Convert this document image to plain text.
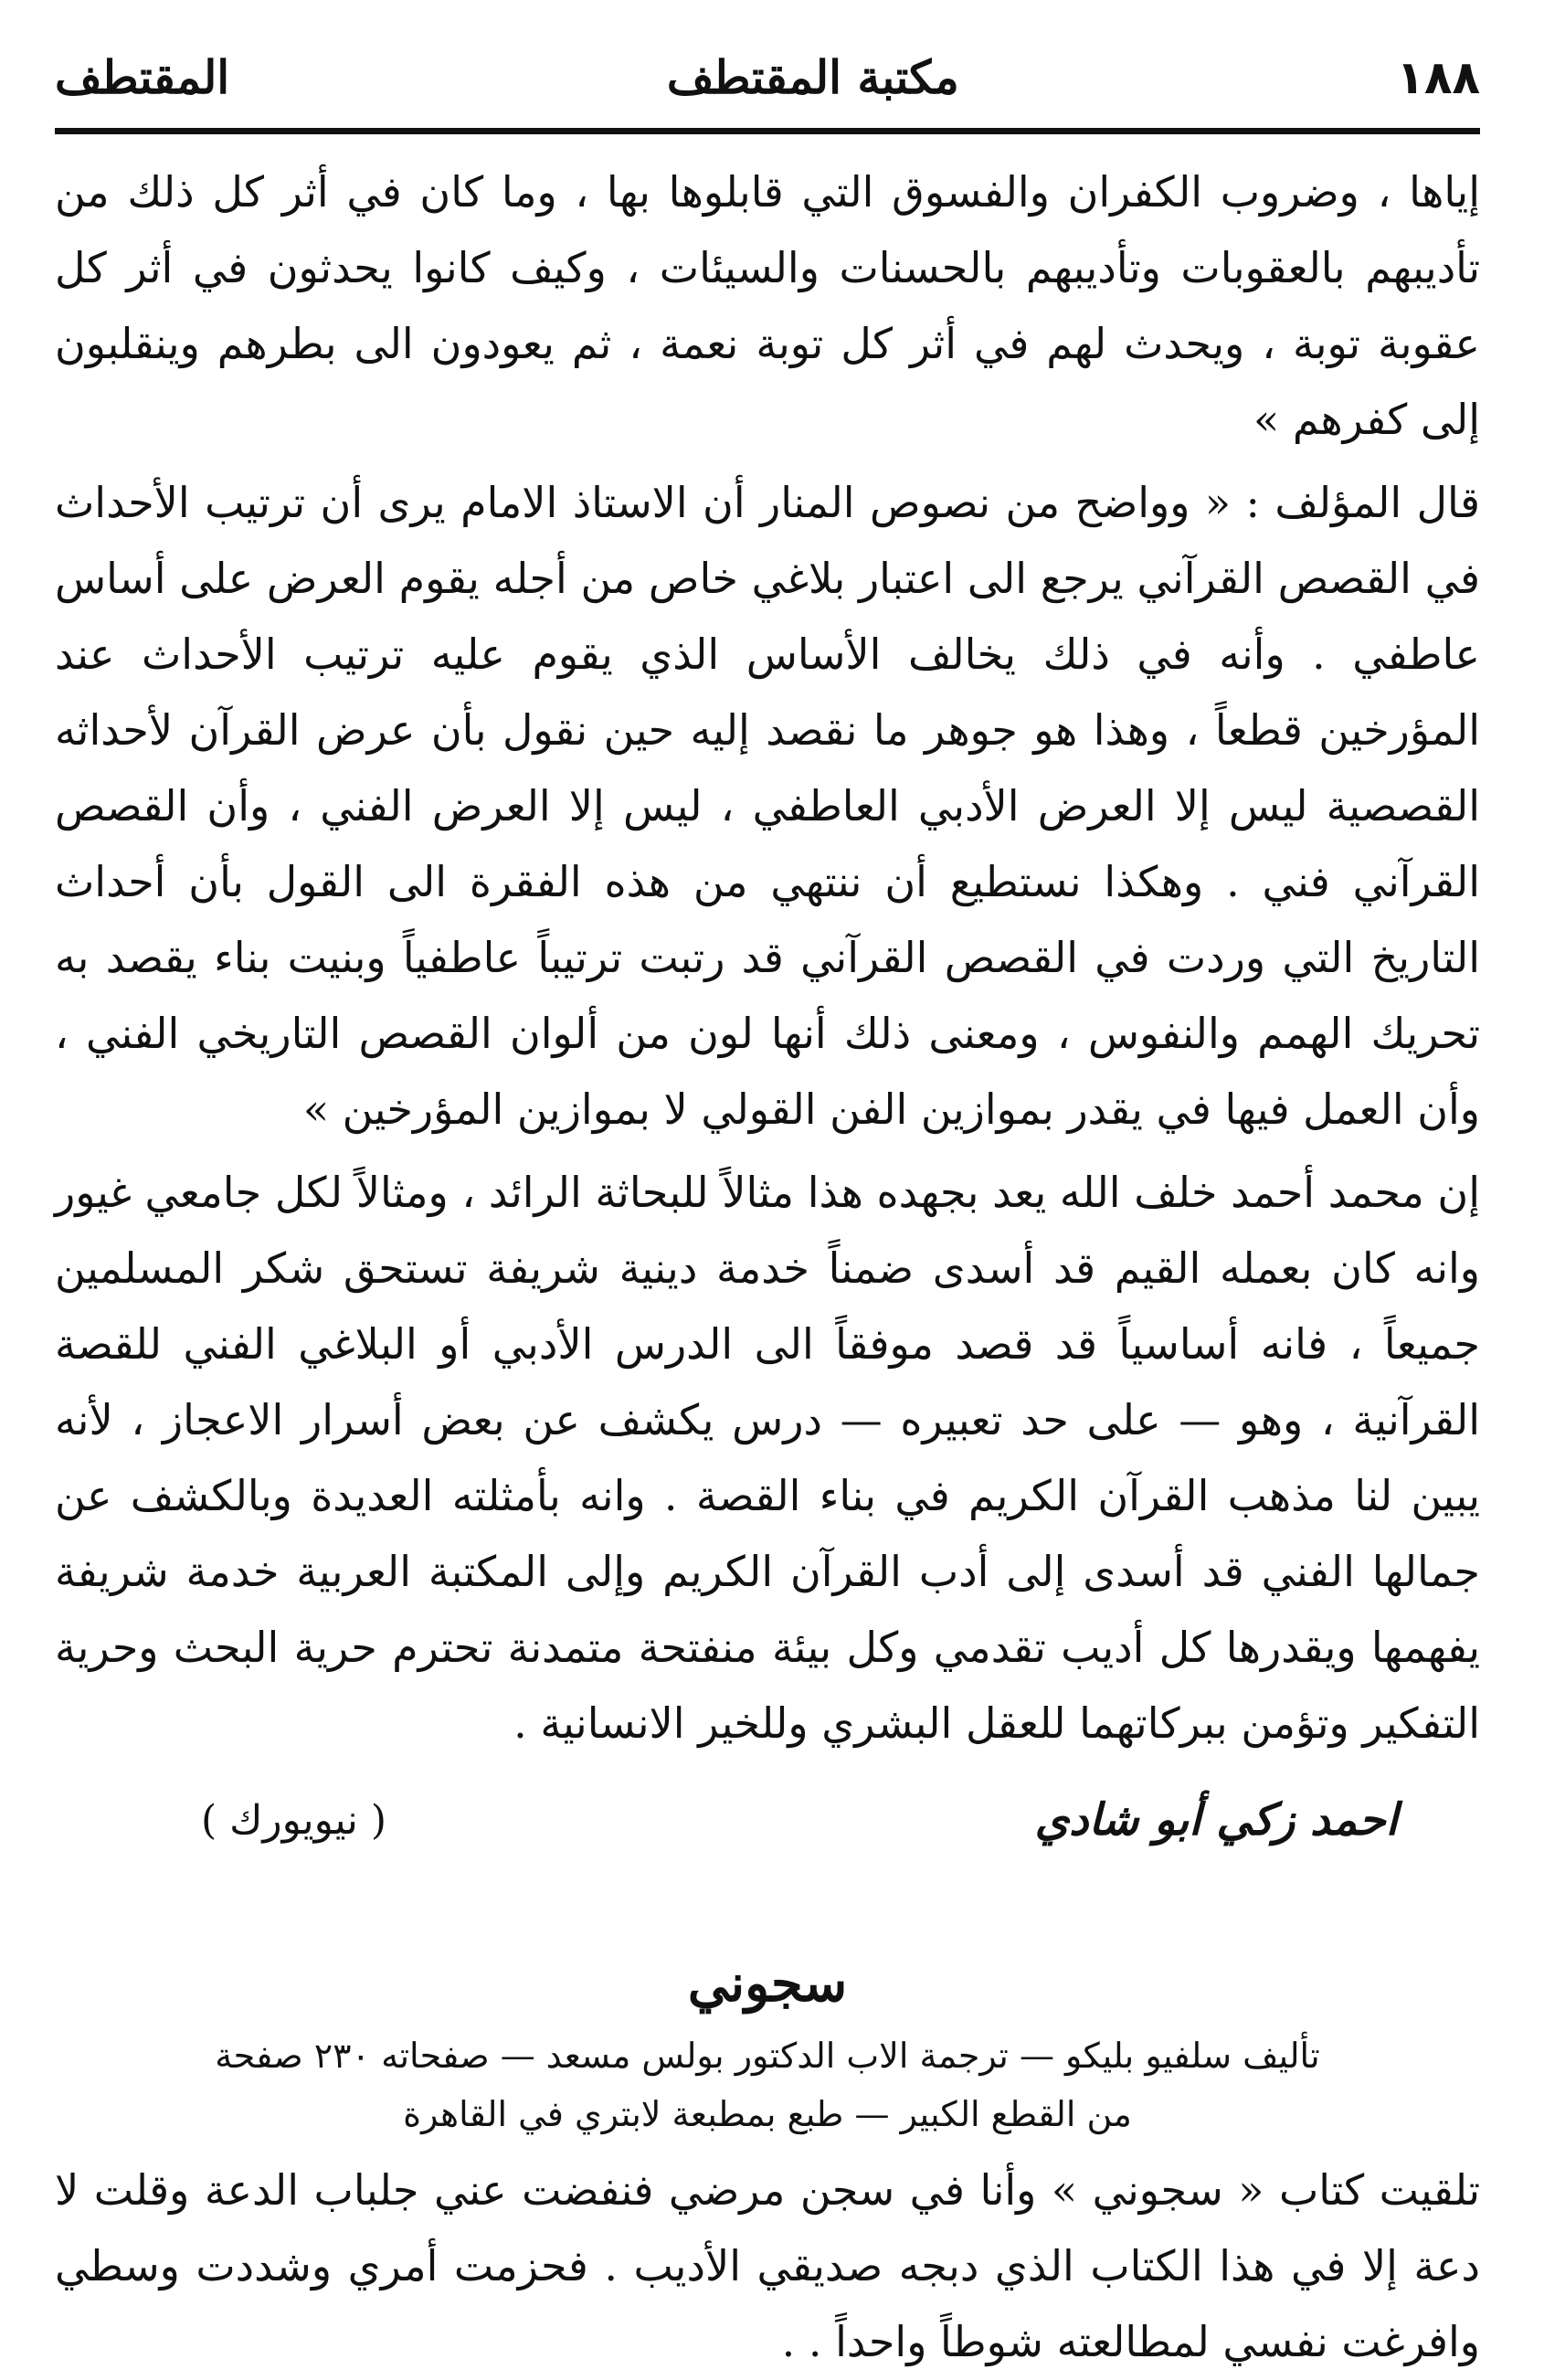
١٨٨
مكتبة المقتطف
المقتطف

إياها ، وضروب الكفران والفسوق التي قابلوها بها ، وما كان في أثر كل ذلك من تأديبهم بالعقوبات وتأديبهم بالحسنات والسيئات ، وكيف كانوا يحدثون في أثر كل عقوبة توبة ، ويحدث لهم في أثر كل توبة نعمة ، ثم يعودون الى بطرهم وينقلبون إلى كفرهم »

قال المؤلف : « وواضح من نصوص المنار أن الاستاذ الامام يرى أن ترتيب الأحداث في القصص القرآني يرجع الى اعتبار بلاغي خاص من أجله يقوم العرض على أساس عاطفي . وأنه في ذلك يخالف الأساس الذي يقوم عليه ترتيب الأحداث عند المؤرخين قطعاً ، وهذا هو جوهر ما نقصد إليه حين نقول بأن عرض القرآن لأحداثه القصصية ليس إلا العرض الأدبي العاطفي ، ليس إلا العرض الفني ، وأن القصص القرآني فني . وهكذا نستطيع أن ننتهي من هذه الفقرة الى القول بأن أحداث التاريخ التي وردت في القصص القرآني قد رتبت ترتيباً عاطفياً وبنيت بناء يقصد به تحريك الهمم والنفوس ، ومعنى ذلك أنها لون من ألوان القصص التاريخي الفني ، وأن العمل فيها في يقدر بموازين الفن القولي لا بموازين المؤرخين »

إن محمد أحمد خلف الله يعد بجهده هذا مثالاً للبحاثة الرائد ، ومثالاً لكل جامعي غيور وانه كان بعمله القيم قد أسدى ضمناً خدمة دينية شريفة تستحق شكر المسلمين جميعاً ، فانه أساسياً قد قصد موفقاً الى الدرس الأدبي أو البلاغي الفني للقصة القرآنية ، وهو — على حد تعبيره — درس يكشف عن بعض أسرار الاعجاز ، لأنه يبين لنا مذهب القرآن الكريم في بناء القصة . وانه بأمثلته العديدة وبالكشف عن جمالها الفني قد أسدى إلى أدب القرآن الكريم وإلى المكتبة العربية خدمة شريفة يفهمها ويقدرها كل أديب تقدمي وكل بيئة منفتحة متمدنة تحترم حرية البحث وحرية التفكير وتؤمن ببركاتهما للعقل البشري وللخير الانسانية .

احمد زكي أبو شادي
( نيويورك )
سجوني
تأليف سلفيو بليكو — ترجمة الاب الدكتور بولس مسعد — صفحاته ٢٣٠ صفحة
من القطع الكبير — طبع بمطبعة لابتري في القاهرة

تلقيت كتاب « سجوني » وأنا في سجن مرضي فنفضت عني جلباب الدعة وقلت لا دعة إلا في هذا الكتاب الذي دبجه صديقي الأديب . فحزمت أمري وشددت وسطي وافرغت نفسي لمطالعته شوطاً واحداً . .
